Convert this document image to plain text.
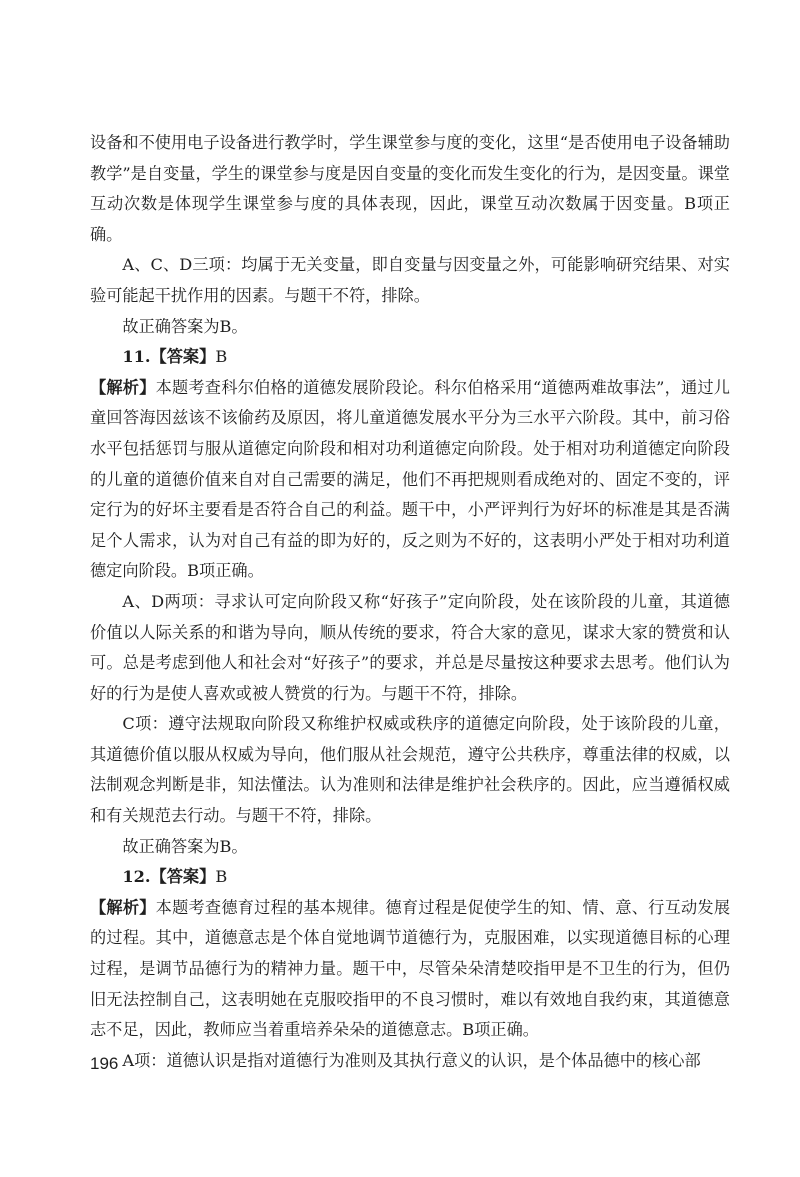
设备和不使用电子设备进行教学时，学生课堂参与度的变化，这里“是否使用电子设备辅助教学”是自变量，学生的课堂参与度是因自变量的变化而发生变化的行为，是因变量。课堂互动次数是体现学生课堂参与度的具体表现，因此，课堂互动次数属于因变量。B项正确。

A、C、D三项：均属于无关变量，即自变量与因变量之外，可能影响研究结果、对实验可能起干扰作用的因素。与题干不符，排除。

故正确答案为B。

11.【答案】B

【解析】本题考查科尔伯格的道德发展阶段论。科尔伯格采用“道德两难故事法”，通过儿童回答海因兹该不该偷药及原因，将儿童道德发展水平分为三水平六阶段。其中，前习俗水平包括惩罚与服从道德定向阶段和相对功利道德定向阶段。处于相对功利道德定向阶段的儿童的道德价值来自对自己需要的满足，他们不再把规则看成绝对的、固定不变的，评定行为的好坏主要看是否符合自己的利益。题干中，小严评判行为好坏的标准是其是否满足个人需求，认为对自己有益的即为好的，反之则为不好的，这表明小严处于相对功利道德定向阶段。B项正确。

A、D两项：寻求认可定向阶段又称“好孩子”定向阶段，处在该阶段的儿童，其道德价值以人际关系的和谐为导向，顺从传统的要求，符合大家的意见，谋求大家的赞赏和认可。总是考虑到他人和社会对“好孩子”的要求，并总是尽量按这种要求去思考。他们认为好的行为是使人喜欢或被人赞赏的行为。与题干不符，排除。

C项：遵守法规取向阶段又称维护权威或秩序的道德定向阶段，处于该阶段的儿童，其道德价值以服从权威为导向，他们服从社会规范，遵守公共秩序，尊重法律的权威，以法制观念判断是非，知法懂法。认为准则和法律是维护社会秩序的。因此，应当遵循权威和有关规范去行动。与题干不符，排除。

故正确答案为B。

12.【答案】B

【解析】本题考查德育过程的基本规律。德育过程是促使学生的知、情、意、行互动发展的过程。其中，道德意志是个体自觉地调节道德行为，克服困难，以实现道德目标的心理过程，是调节品德行为的精神力量。题干中，尽管朵朵清楚咬指甲是不卫生的行为，但仍旧无法控制自己，这表明她在克服咬指甲的不良习惯时，难以有效地自我约束，其道德意志不足，因此，教师应当着重培养朵朵的道德意志。B项正确。

A项：道德认识是指对道德行为准则及其执行意义的认识，是个体品德中的核心部

196
